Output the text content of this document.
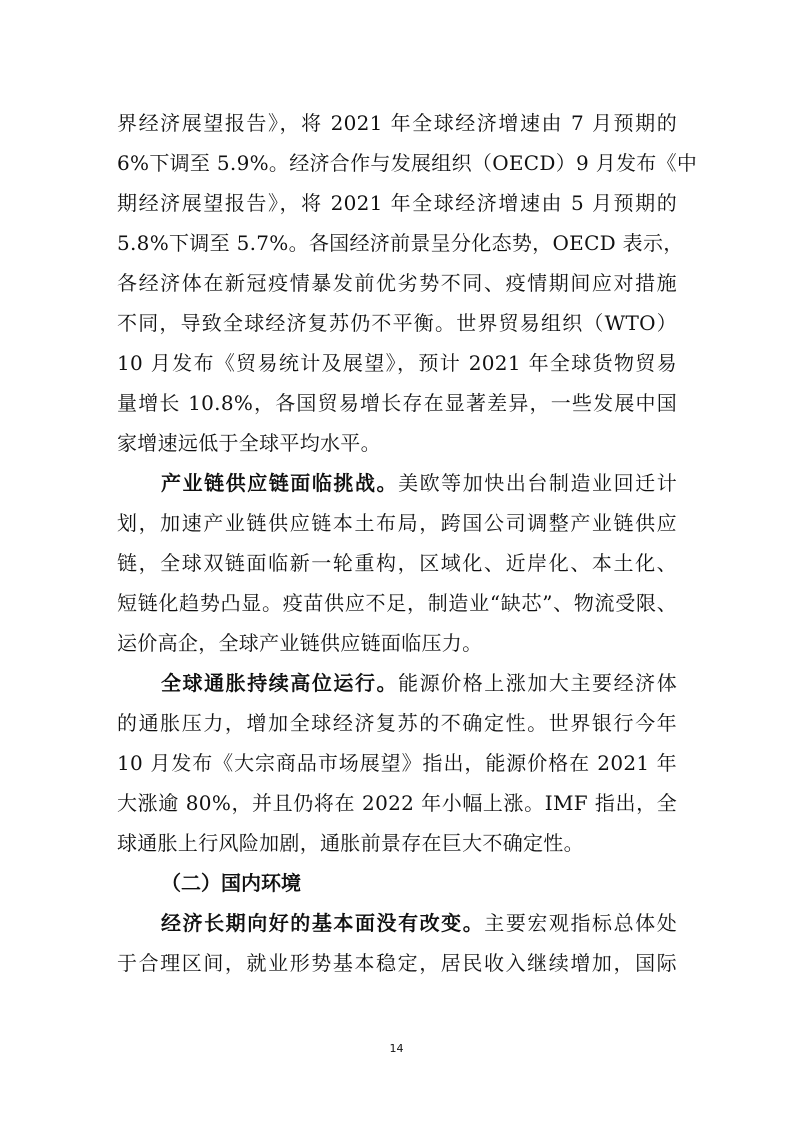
界经济展望报告》，将 2021 年全球经济增速由 7 月预期的
6%下调至 5.9%。经济合作与发展组织（OECD）9 月发布《中
期经济展望报告》，将 2021 年全球经济增速由 5 月预期的
5.8%下调至 5.7%。各国经济前景呈分化态势，OECD 表示，
各经济体在新冠疫情暴发前优劣势不同、疫情期间应对措施
不同，导致全球经济复苏仍不平衡。世界贸易组织（WTO）
10 月发布《贸易统计及展望》，预计 2021 年全球货物贸易
量增长 10.8%，各国贸易增长存在显著差异，一些发展中国
家增速远低于全球平均水平。
产业链供应链面临挑战。美欧等加快出台制造业回迁计
划，加速产业链供应链本土布局，跨国公司调整产业链供应
链，全球双链面临新一轮重构，区域化、近岸化、本土化、
短链化趋势凸显。疫苗供应不足，制造业“缺芯”、物流受限、
运价高企，全球产业链供应链面临压力。
全球通胀持续高位运行。能源价格上涨加大主要经济体
的通胀压力，增加全球经济复苏的不确定性。世界银行今年
10 月发布《大宗商品市场展望》指出，能源价格在 2021 年
大涨逾 80%，并且仍将在 2022 年小幅上涨。IMF 指出，全
球通胀上行风险加剧，通胀前景存在巨大不确定性。
（二）国内环境
经济长期向好的基本面没有改变。主要宏观指标总体处
于合理区间，就业形势基本稳定，居民收入继续增加，国际
14
